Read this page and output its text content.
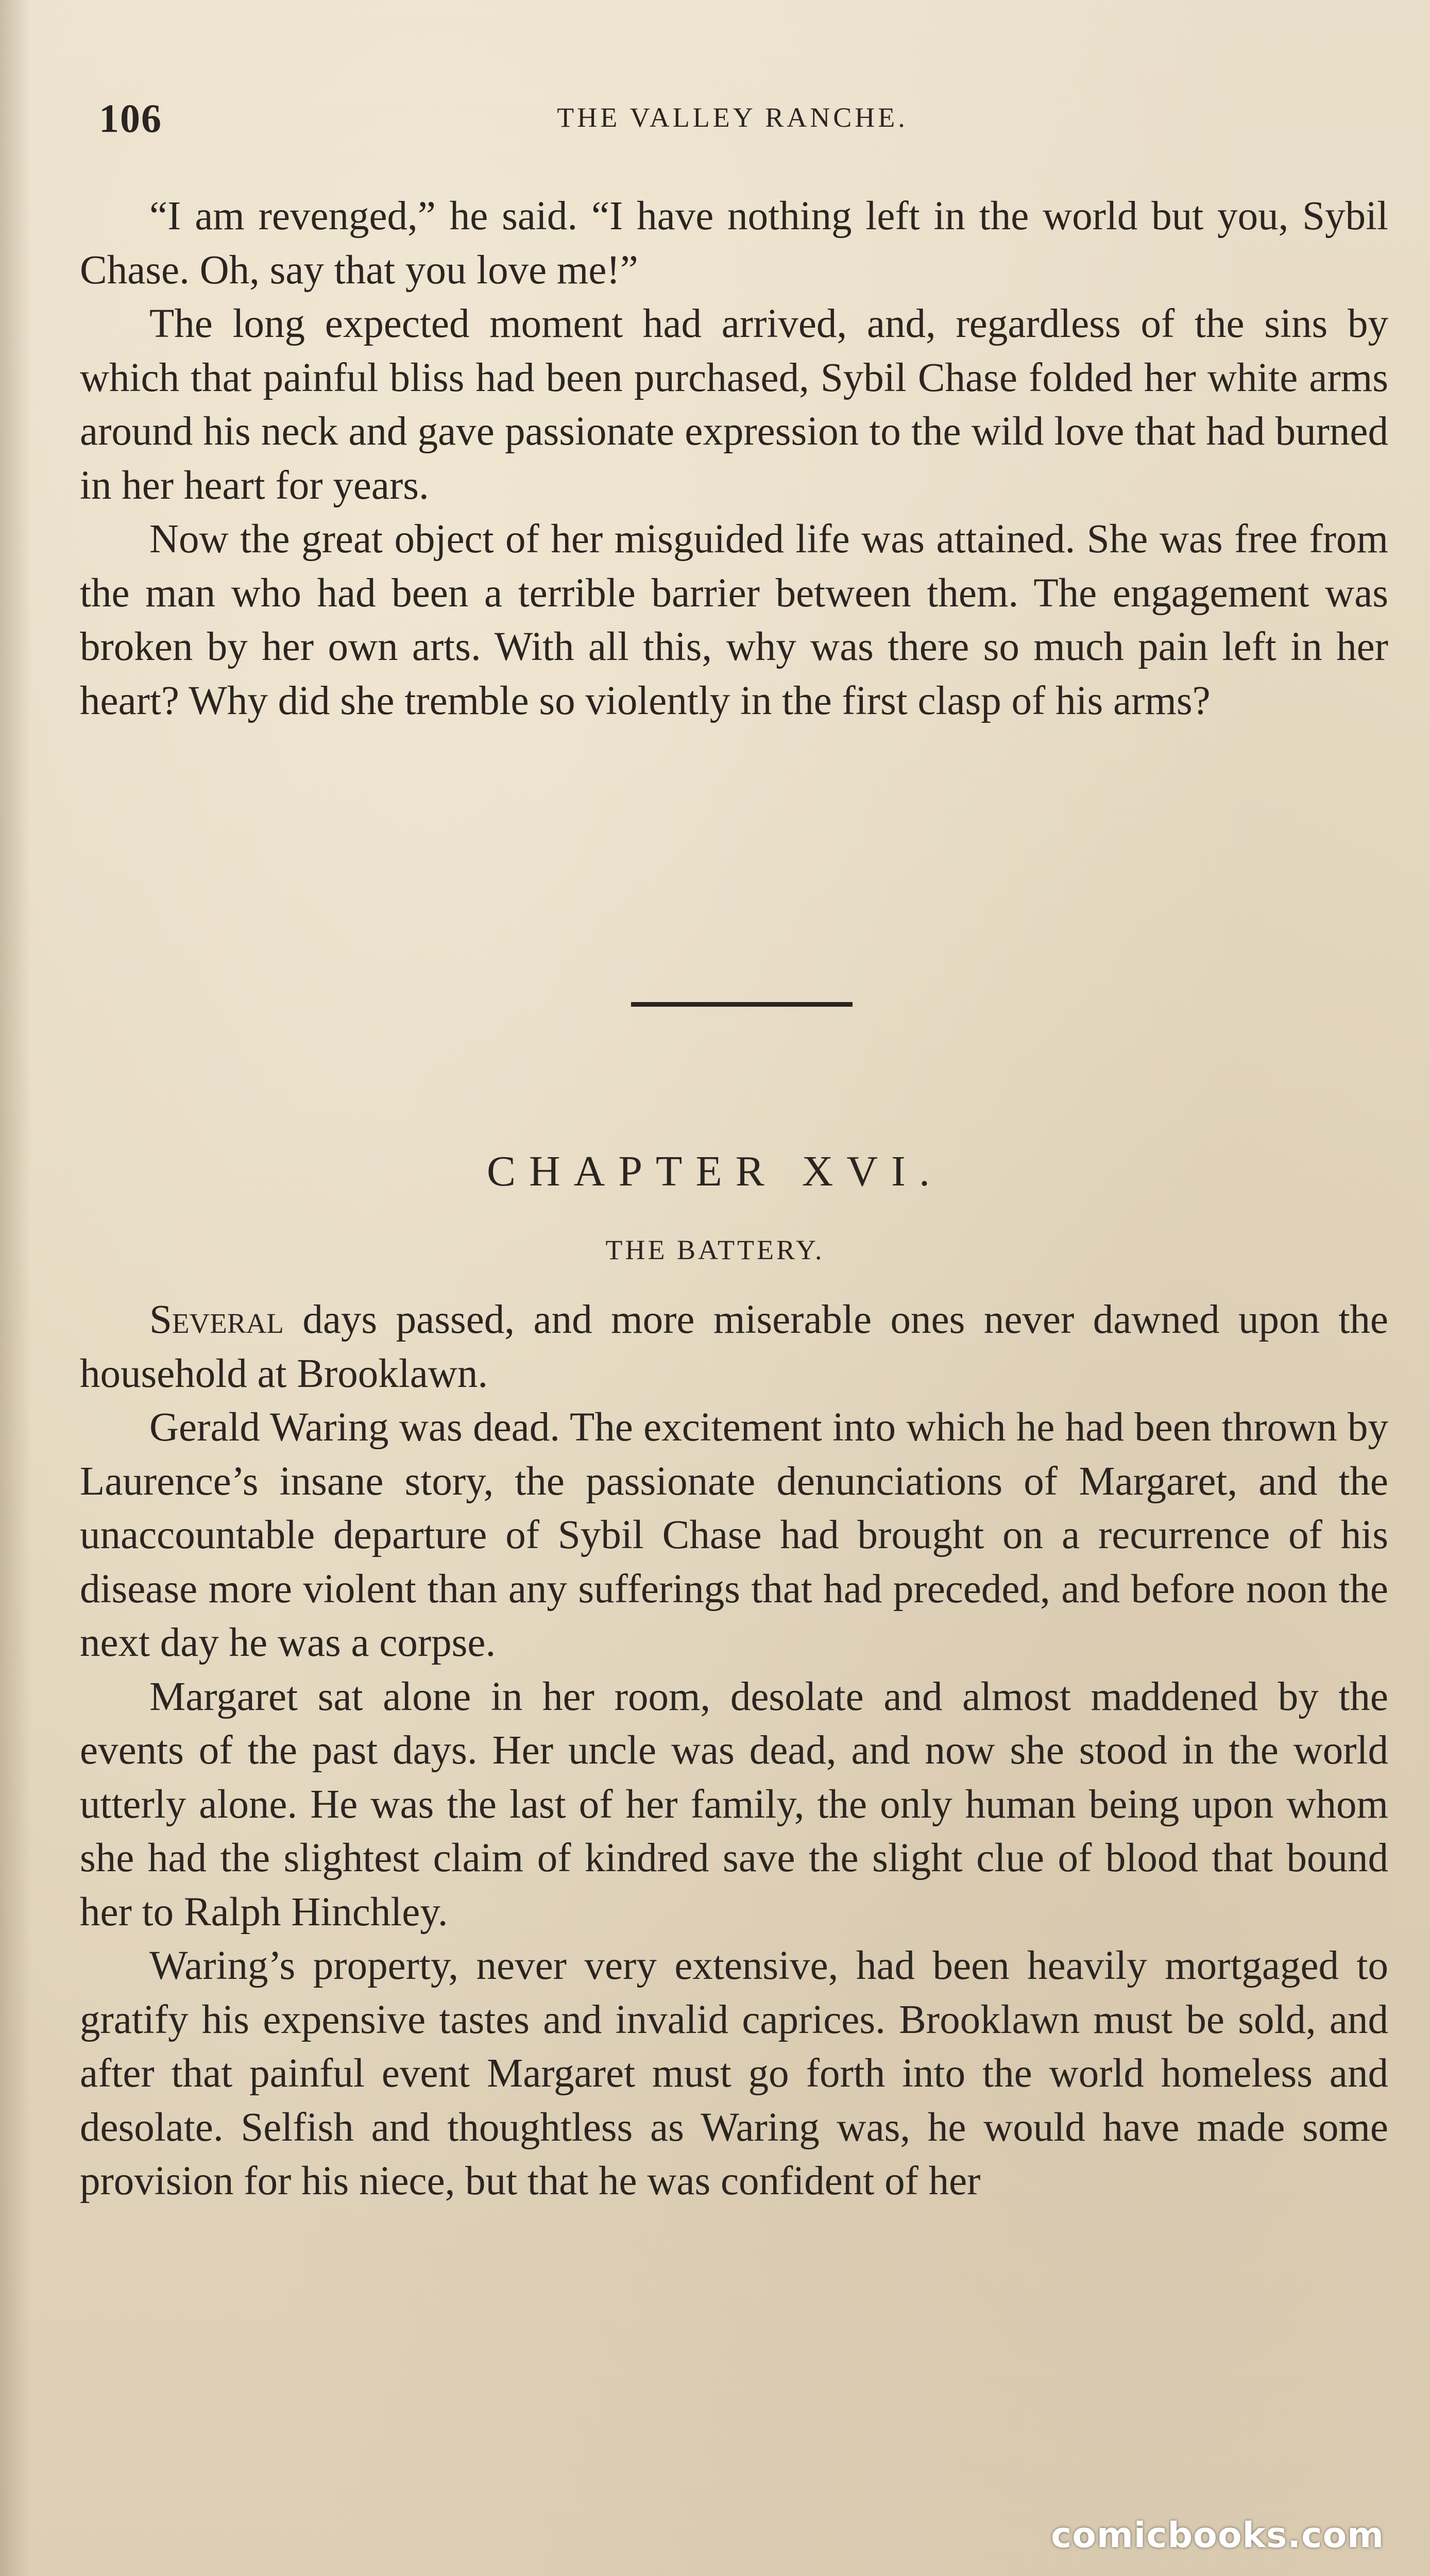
106	THE VALLEY RANCHE.

“I am revenged,” he said. “I have nothing left in the world but you, Sybil Chase. Oh, say that you love me!”

The long expected moment had arrived, and, regardless of the sins by which that painful bliss had been purchased, Sybil Chase folded her white arms around his neck and gave passionate expression to the wild love that had burned in her heart for years.

Now the great object of her misguided life was attained. She was free from the man who had been a terrible barrier between them. The engagement was broken by her own arts. With all this, why was there so much pain left in her heart? Why did she tremble so violently in the first clasp of his arms?

CHAPTER XVI.
THE BATTERY.

Several days passed, and more miserable ones never dawned upon the household at Brooklawn.

Gerald Waring was dead. The excitement into which he had been thrown by Laurence’s insane story, the passionate denunciations of Margaret, and the unaccountable departure of Sybil Chase had brought on a recurrence of his disease more violent than any sufferings that had preceded, and before noon the next day he was a corpse.

Margaret sat alone in her room, desolate and almost maddened by the events of the past days. Her uncle was dead, and now she stood in the world utterly alone. He was the last of her family, the only human being upon whom she had the slightest claim of kindred save the slight clue of blood that bound her to Ralph Hinchley.

Waring’s property, never very extensive, had been heavily mortgaged to gratify his expensive tastes and invalid caprices. Brooklawn must be sold, and after that painful event Margaret must go forth into the world homeless and desolate. Selfish and thoughtless as Waring was, he would have made some provision for his niece, but that he was confident of her

comicbooks.com
